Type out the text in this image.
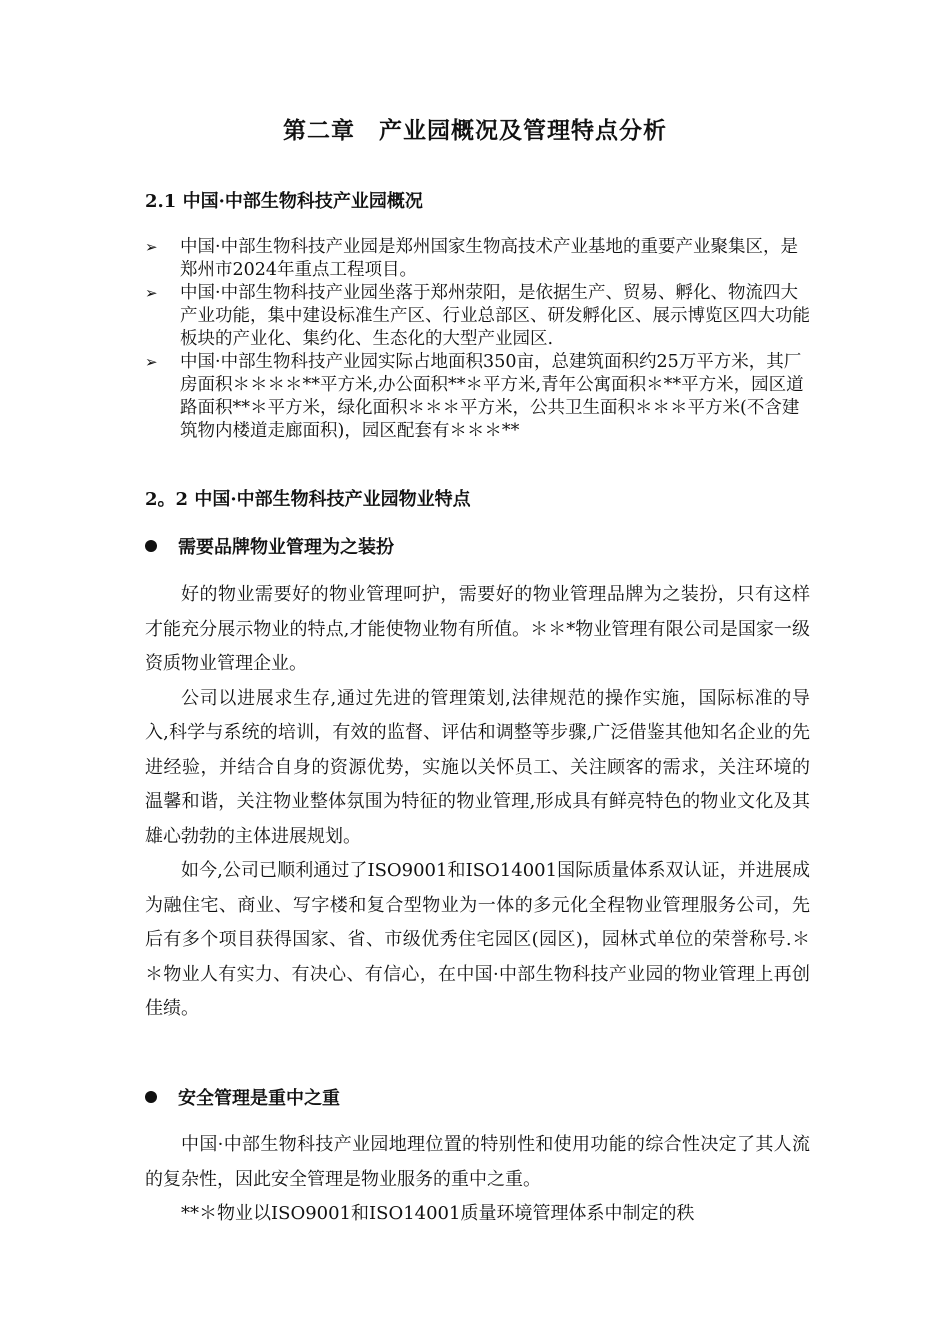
第二章　产业园概况及管理特点分析
2.1 中国·中部生物科技产业园概况
➢	中国·中部生物科技产业园是郑州国家生物高技术产业基地的重要产业聚集区，是郑州市2024年重点工程项目。
➢	中国·中部生物科技产业园坐落于郑州荥阳，是依据生产、贸易、孵化、物流四大产业功能，集中建设标准生产区、行业总部区、研发孵化区、展示博览区四大功能板块的产业化、集约化、生态化的大型产业园区.
➢	中国·中部生物科技产业园实际占地面积350亩，总建筑面积约25万平方米，其厂房面积＊＊＊＊**平方米,办公面积**＊平方米,青年公寓面积＊**平方米，园区道路面积**＊平方米，绿化面积＊＊＊平方米，公共卫生面积＊＊＊平方米(不含建筑物内楼道走廊面积)，园区配套有＊＊＊**
2。2 中国·中部生物科技产业园物业特点
需要品牌物业管理为之装扮

好的物业需要好的物业管理呵护，需要好的物业管理品牌为之装扮，只有这样才能充分展示物业的特点,才能使物业物有所值。＊＊*物业管理有限公司是国家一级资质物业管理企业。

公司以进展求生存,通过先进的管理策划,法律规范的操作实施，国际标准的导入,科学与系统的培训，有效的监督、评估和调整等步骤,广泛借鉴其他知名企业的先进经验，并结合自身的资源优势，实施以关怀员工、关注顾客的需求，关注环境的温馨和谐，关注物业整体氛围为特征的物业管理,形成具有鲜亮特色的物业文化及其雄心勃勃的主体进展规划。

如今,公司已顺利通过了ISO9001和ISO14001国际质量体系双认证，并进展成为融住宅、商业、写字楼和复合型物业为一体的多元化全程物业管理服务公司，先后有多个项目获得国家、省、市级优秀住宅园区(园区)，园林式单位的荣誉称号.＊＊物业人有实力、有决心、有信心，在中国·中部生物科技产业园的物业管理上再创佳绩。

安全管理是重中之重

中国·中部生物科技产业园地理位置的特别性和使用功能的综合性决定了其人流的复杂性，因此安全管理是物业服务的重中之重。

**＊物业以ISO9001和ISO14001质量环境管理体系中制定的秩
